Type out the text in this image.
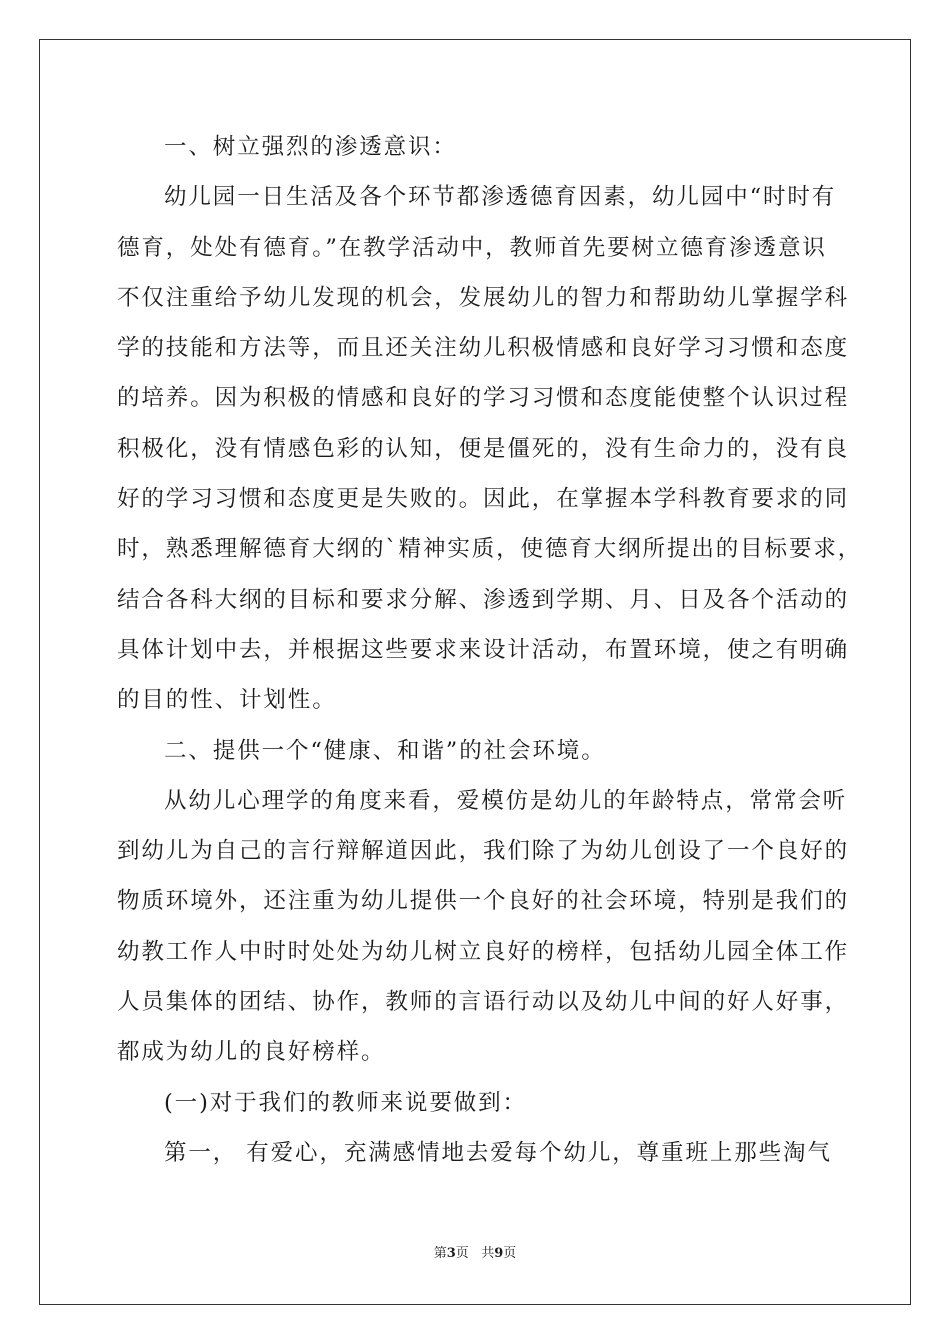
一、树立强烈的渗透意识：
幼儿园一日生活及各个环节都渗透德育因素，幼儿园中“时时有
德育，处处有德育。”在教学活动中，教师首先要树立德育渗透意识
不仅注重给予幼儿发现的机会，发展幼儿的智力和帮助幼儿掌握学科
学的技能和方法等，而且还关注幼儿积极情感和良好学习习惯和态度
的培养。因为积极的情感和良好的学习习惯和态度能使整个认识过程
积极化，没有情感色彩的认知，便是僵死的，没有生命力的，没有良
好的学习习惯和态度更是失败的。因此，在掌握本学科教育要求的同
时，熟悉理解德育大纲的`精神实质，使德育大纲所提出的目标要求，
结合各科大纲的目标和要求分解、渗透到学期、月、日及各个活动的
具体计划中去，并根据这些要求来设计活动，布置环境，使之有明确
的目的性、计划性。
二、提供一个“健康、和谐”的社会环境。
从幼儿心理学的角度来看，爱模仿是幼儿的年龄特点，常常会听
到幼儿为自己的言行辩解道因此，我们除了为幼儿创设了一个良好的
物质环境外，还注重为幼儿提供一个良好的社会环境，特别是我们的
幼教工作人中时时处处为幼儿树立良好的榜样，包括幼儿园全体工作
人员集体的团结、协作，教师的言语行动以及幼儿中间的好人好事，
都成为幼儿的良好榜样。
(一)对于我们的教师来说要做到：
第一， 有爱心，充满感情地去爱每个幼儿，尊重班上那些淘气
第3页 共9页
